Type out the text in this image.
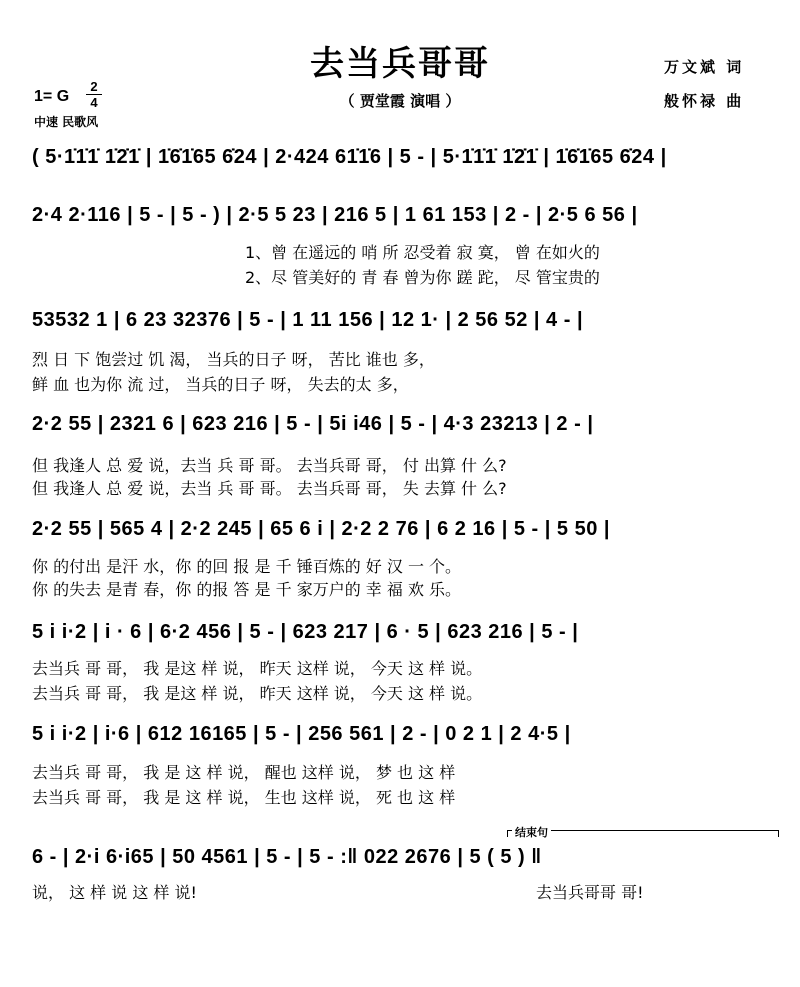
去当兵哥哥
（ 贾堂霞 演唱 ）
万文斌 词
般怀禄 曲
1= G
2
4
中速 民歌风
( 5·1̇1̇1̇ 1̇2̇1̇ | 1̇6̇1̇65 6̇24 | 2·424 61̇1̇6 | 5 - | 5·1̇1̇1̇ 1̇2̇1̇ | 1̇6̇1̇65 6̇24 |
2·4 2·116 | 5 - | 5 - ) | 2·5 5 23 | 216 5 | 1 61 153 | 2 - | 2·5 6 56 |
1、曾 在遥远的 哨 所 忍受着 寂 寞， 曾 在如火的
2、尽 管美好的 青 春 曾为你 蹉 跎， 尽 管宝贵的
53532 1 | 6 23 32376 | 5 - | 1 11 156 | 12 1· | 2 56 52 | 4 - |
烈 日 下 饱尝过 饥 渴， 当兵的日子 呀， 苦比 谁也 多，
鲜 血 也为你 流 过， 当兵的日子 呀， 失去的太 多，
2·2 55 | 2321 6 | 623 216 | 5 - | 5i i46 | 5 - | 4·3 23213 | 2 - |
但 我逢人 总 爱 说，去当 兵 哥 哥。 去当兵哥 哥， 付 出算 什 么?
但 我逢人 总 爱 说，去当 兵 哥 哥。 去当兵哥 哥， 失 去算 什 么?
2·2 55 | 565 4 | 2·2 245 | 65 6 i | 2·2 2 76 | 6 2 16 | 5 - | 5 50 |
你 的付出 是汗 水，你 的回 报 是 千 锤百炼的 好 汉 一 个。
你 的失去 是青 春，你 的报 答 是 千 家万户的 幸 福 欢 乐。
5 i i·2 | i · 6 | 6·2 456 | 5 - | 623 217 | 6 · 5 | 623 216 | 5 - |
去当兵 哥 哥， 我 是这 样 说， 昨天 这样 说， 今天 这 样 说。
去当兵 哥 哥， 我 是这 样 说， 昨天 这样 说， 今天 这 样 说。
5 i i·2 | i·6 | 612 16165 | 5 - | 256 561 | 2 - | 0 2 1 | 2 4·5 |
去当兵 哥 哥， 我 是 这 样 说， 醒也 这样 说， 梦 也 这 样
去当兵 哥 哥， 我 是 这 样 说， 生也 这样 说， 死 也 这 样
结束句
6 - | 2·i 6·i65 | 50 4561 | 5 - | 5 - :‖ 022 2676 | 5 ( 5 ) ‖
说， 这 样 说 这 样 说!	去当兵哥哥 哥!
